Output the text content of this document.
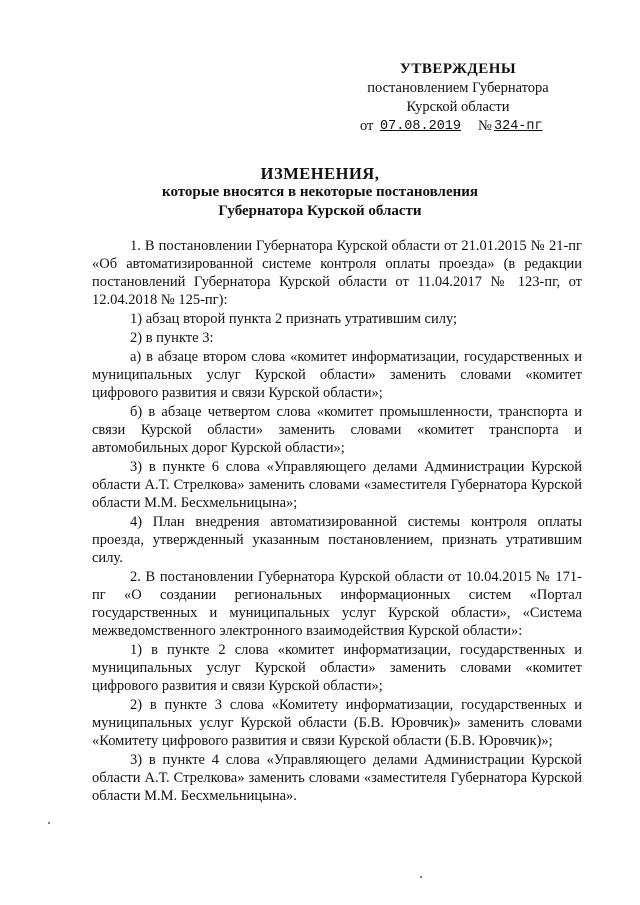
УТВЕРЖДЕНЫ
постановлением Губернатора
Курской области
от 07.08.2019 № 324-пг
ИЗМЕНЕНИЯ,
которые вносятся в некоторые постановления
Губернатора Курской области

1. В постановлении Губернатора Курской области от 21.01.2015 № 21-пг «Об автоматизированной системе контроля оплаты проезда» (в редакции постановлений Губернатора Курской области от 11.04.2017 № 123-пг, от 12.04.2018 № 125-пг):

1) абзац второй пункта 2 признать утратившим силу;

2) в пункте 3:

а) в абзаце втором слова «комитет информатизации, государственных и муниципальных услуг Курской области» заменить словами «комитет цифрового развития и связи Курской области»;

б) в абзаце четвертом слова «комитет промышленности, транспорта и связи Курской области» заменить словами «комитет транспорта и автомобильных дорог Курской области»;

3) в пункте 6 слова «Управляющего делами Администрации Курской области А.Т. Стрелкова» заменить словами «заместителя Губернатора Курской области М.М. Бесхмельницына»;

4) План внедрения автоматизированной системы контроля оплаты проезда, утвержденный указанным постановлением, признать утратившим силу.

2. В постановлении Губернатора Курской области от 10.04.2015 № 171-пг «О создании региональных информационных систем «Портал государственных и муниципальных услуг Курской области», «Система межведомственного электронного взаимодействия Курской области»:

1) в пункте 2 слова «комитет информатизации, государственных и муниципальных услуг Курской области» заменить словами «комитет цифрового развития и связи Курской области»;

2) в пункте 3 слова «Комитету информатизации, государственных и муниципальных услуг Курской области (Б.В. Юровчик)» заменить словами «Комитету цифрового развития и связи Курской области (Б.В. Юровчик)»;

3) в пункте 4 слова «Управляющего делами Администрации Курской области А.Т. Стрелкова» заменить словами «заместителя Губернатора Курской области М.М. Бесхмельницына».
